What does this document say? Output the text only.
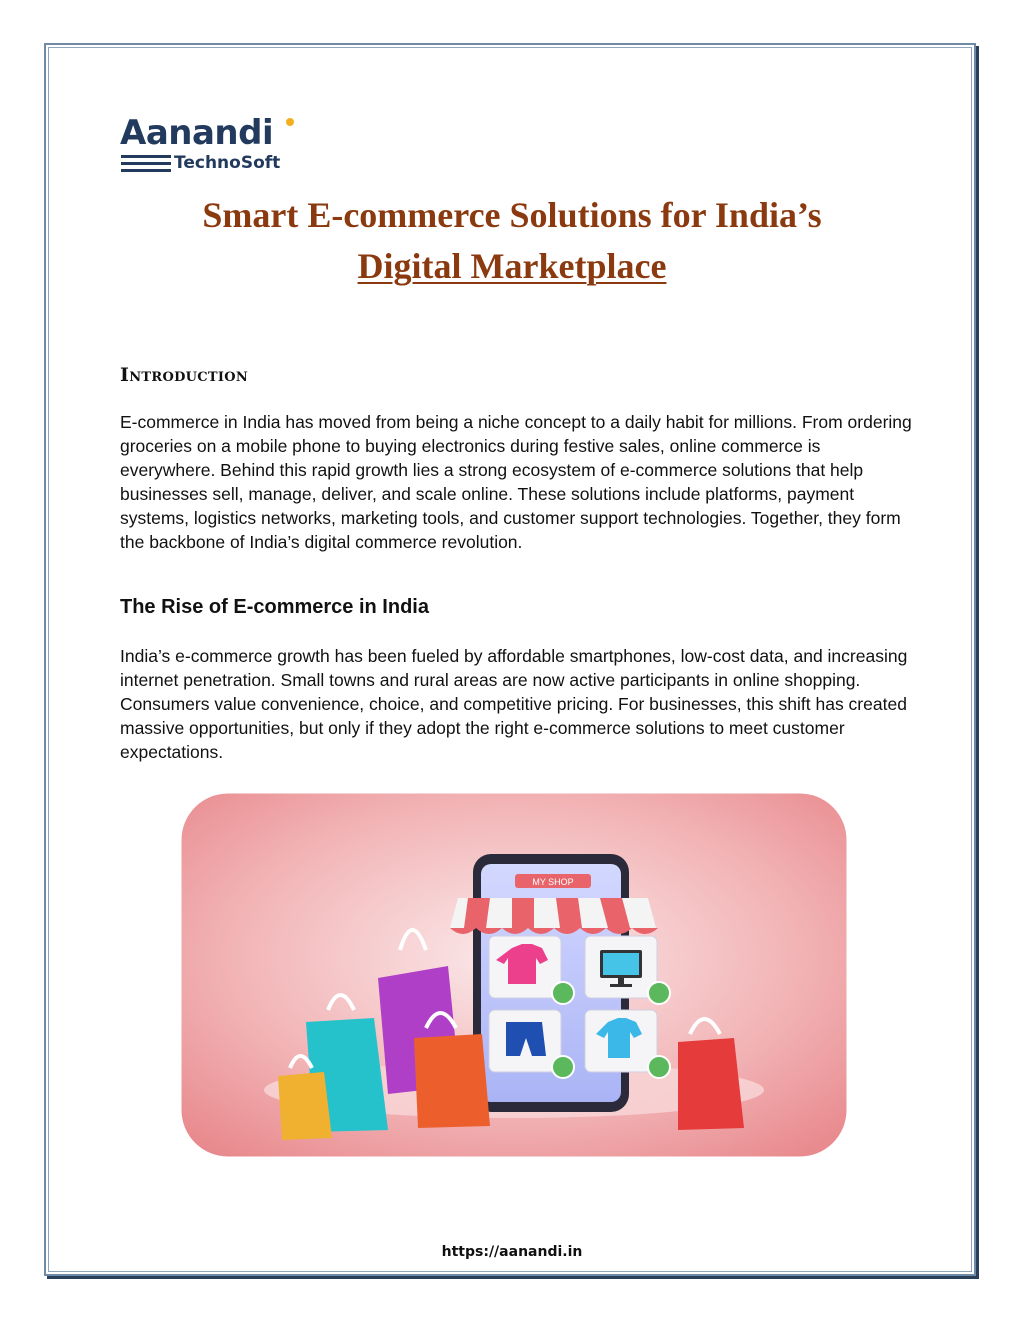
Aanandi
TechnoSoft
Smart E-commerce Solutions for India’s
Digital Marketplace
Introduction
E-commerce in India has moved from being a niche concept to a daily habit for millions. From ordering groceries on a mobile phone to buying electronics during festive sales, online commerce is everywhere. Behind this rapid growth lies a strong ecosystem of e-commerce solutions that help businesses sell, manage, deliver, and scale online. These solutions include platforms, payment systems, logistics networks, marketing tools, and customer support technologies. Together, they form the backbone of India’s digital commerce revolution.
The Rise of E-commerce in India
India’s e-commerce growth has been fueled by affordable smartphones, low-cost data, and increasing internet penetration. Small towns and rural areas are now active participants in online shopping. Consumers value convenience, choice, and competitive pricing. For businesses, this shift has created massive opportunities, but only if they adopt the right e-commerce solutions to meet customer expectations.
MY SHOP
https://aanandi.in
